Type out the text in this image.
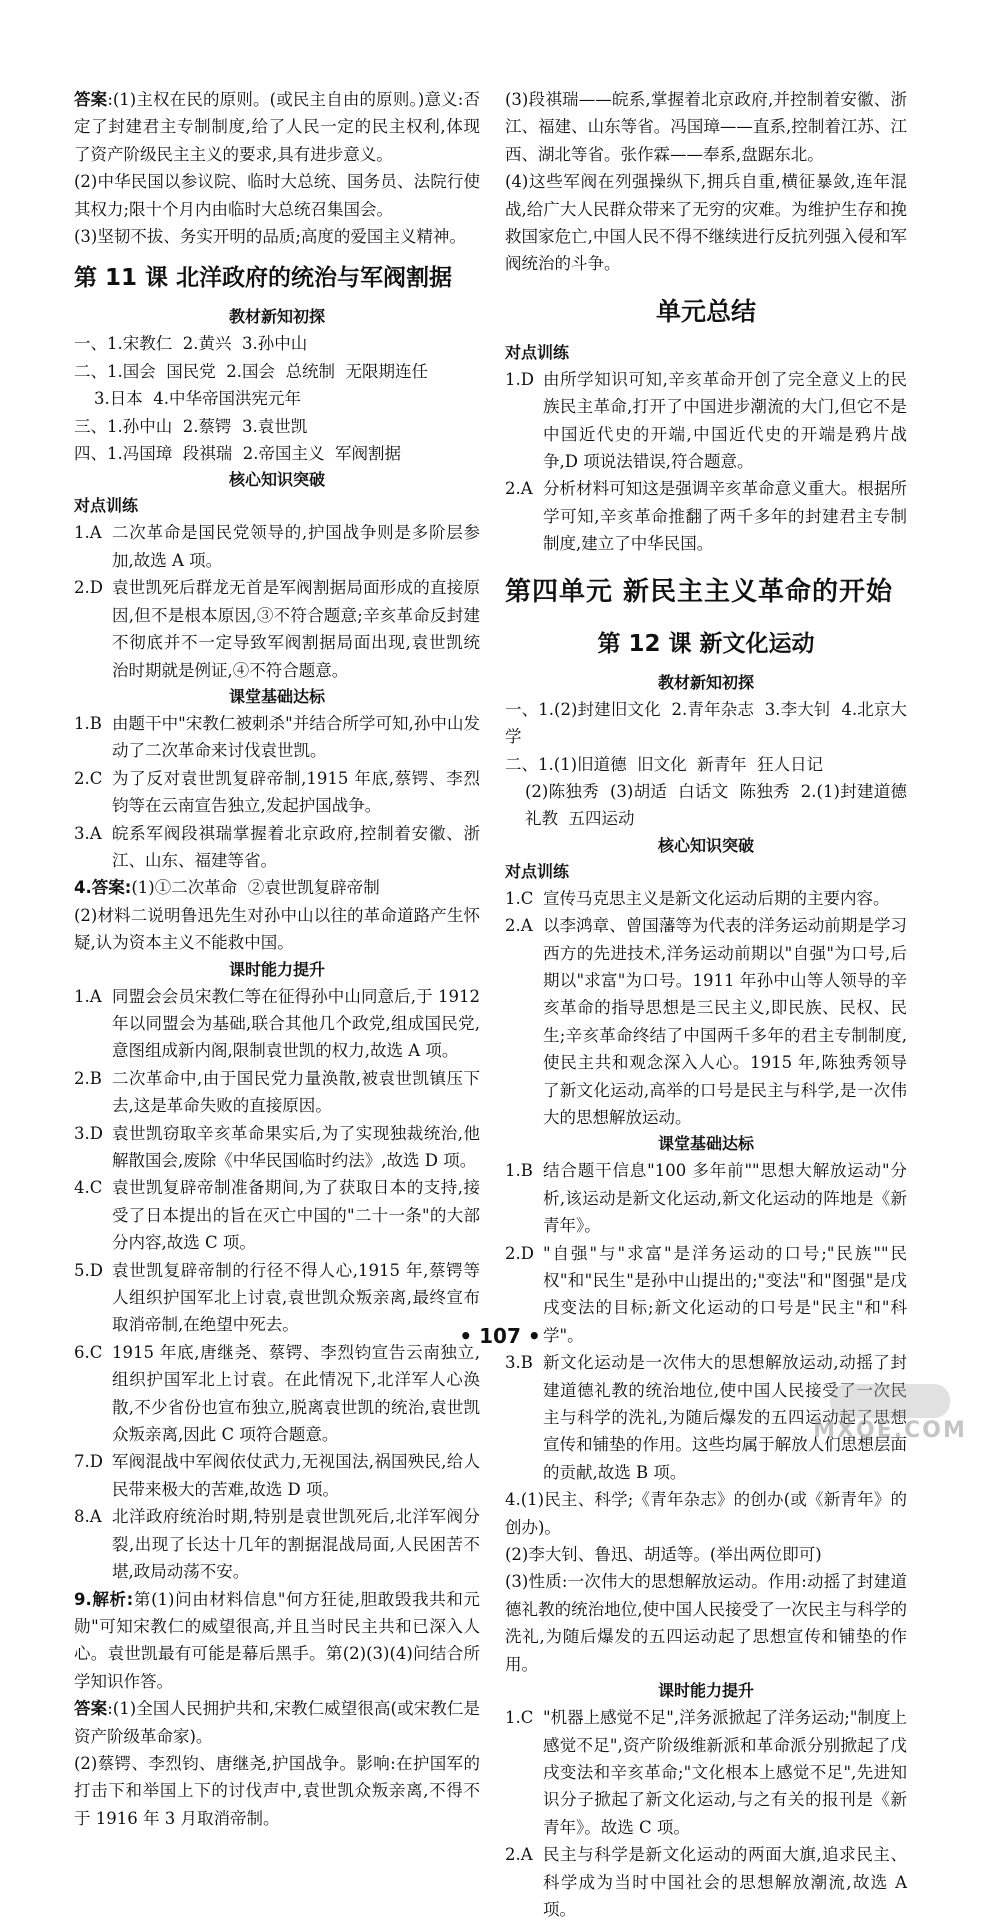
答案:(1)主权在民的原则。(或民主自由的原则。)意义:否定了封建君主专制制度,给了人民一定的民主权利,体现了资产阶级民主主义的要求,具有进步意义。

(2)中华民国以参议院、临时大总统、国务员、法院行使其权力;限十个月内由临时大总统召集国会。

(3)坚韧不拔、务实开明的品质;高度的爱国主义精神。

第 11 课 北洋政府的统治与军阀割据
教材新知初探

一、1.宋教仁  2.黄兴  3.孙中山

二、1.国会  国民党  2.国会  总统制  无限期连任

3.日本  4.中华帝国洪宪元年

三、1.孙中山  2.蔡锷  3.袁世凯

四、1.冯国璋  段祺瑞  2.帝国主义  军阀割据

核心知识突破
对点训练

1.A 二次革命是国民党领导的,护国战争则是多阶层参加,故选 A 项。

2.D 袁世凯死后群龙无首是军阀割据局面形成的直接原因,但不是根本原因,③不符合题意;辛亥革命反封建不彻底并不一定导致军阀割据局面出现,袁世凯统治时期就是例证,④不符合题意。

课堂基础达标

1.B 由题干中"宋教仁被刺杀"并结合所学可知,孙中山发动了二次革命来讨伐袁世凯。

2.C 为了反对袁世凯复辟帝制,1915 年底,蔡锷、李烈钧等在云南宣告独立,发起护国战争。

3.A 皖系军阀段祺瑞掌握着北京政府,控制着安徽、浙江、山东、福建等省。

4.答案:(1)①二次革命  ②袁世凯复辟帝制

(2)材料二说明鲁迅先生对孙中山以往的革命道路产生怀疑,认为资本主义不能救中国。

课时能力提升

1.A 同盟会会员宋教仁等在征得孙中山同意后,于 1912 年以同盟会为基础,联合其他几个政党,组成国民党,意图组成新内阁,限制袁世凯的权力,故选 A 项。

2.B 二次革命中,由于国民党力量涣散,被袁世凯镇压下去,这是革命失败的直接原因。

3.D 袁世凯窃取辛亥革命果实后,为了实现独裁统治,他解散国会,废除《中华民国临时约法》,故选 D 项。

4.C 袁世凯复辟帝制准备期间,为了获取日本的支持,接受了日本提出的旨在灭亡中国的"二十一条"的大部分内容,故选 C 项。

5.D 袁世凯复辟帝制的行径不得人心,1915 年,蔡锷等人组织护国军北上讨袁,袁世凯众叛亲离,最终宣布取消帝制,在绝望中死去。

6.C 1915 年底,唐继尧、蔡锷、李烈钧宣告云南独立,组织护国军北上讨袁。在此情况下,北洋军人心涣散,不少省份也宣布独立,脱离袁世凯的统治,袁世凯众叛亲离,因此 C 项符合题意。

7.D 军阀混战中军阀依仗武力,无视国法,祸国殃民,给人民带来极大的苦难,故选 D 项。

8.A 北洋政府统治时期,特别是袁世凯死后,北洋军阀分裂,出现了长达十几年的割据混战局面,人民困苦不堪,政局动荡不安。

9.解析:第(1)问由材料信息"何方狂徒,胆敢毁我共和元勋"可知宋教仁的威望很高,并且当时民主共和已深入人心。袁世凯最有可能是幕后黑手。第(2)(3)(4)问结合所学知识作答。

答案:(1)全国人民拥护共和,宋教仁威望很高(或宋教仁是资产阶级革命家)。

(2)蔡锷、李烈钧、唐继尧,护国战争。影响:在护国军的打击下和举国上下的讨伐声中,袁世凯众叛亲离,不得不于 1916 年 3 月取消帝制。

(3)段祺瑞——皖系,掌握着北京政府,并控制着安徽、浙江、福建、山东等省。冯国璋——直系,控制着江苏、江西、湖北等省。张作霖——奉系,盘踞东北。

(4)这些军阀在列强操纵下,拥兵自重,横征暴敛,连年混战,给广大人民群众带来了无穷的灾难。为维护生存和挽救国家危亡,中国人民不得不继续进行反抗列强入侵和军阀统治的斗争。

单元总结
对点训练

1.D 由所学知识可知,辛亥革命开创了完全意义上的民族民主革命,打开了中国进步潮流的大门,但它不是中国近代史的开端,中国近代史的开端是鸦片战争,D 项说法错误,符合题意。

2.A 分析材料可知这是强调辛亥革命意义重大。根据所学可知,辛亥革命推翻了两千多年的封建君主专制制度,建立了中华民国。

第四单元 新民主主义革命的开始
第 12 课 新文化运动
教材新知初探

一、1.(2)封建旧文化  2.青年杂志  3.李大钊  4.北京大学

二、1.(1)旧道德  旧文化  新青年  狂人日记

(2)陈独秀  (3)胡适  白话文  陈独秀  2.(1)封建道德礼教  五四运动

核心知识突破
对点训练

1.C 宣传马克思主义是新文化运动后期的主要内容。

2.A 以李鸿章、曾国藩等为代表的洋务运动前期是学习西方的先进技术,洋务运动前期以"自强"为口号,后期以"求富"为口号。1911 年孙中山等人领导的辛亥革命的指导思想是三民主义,即民族、民权、民生;辛亥革命终结了中国两千多年的君主专制制度,使民主共和观念深入人心。1915 年,陈独秀领导了新文化运动,高举的口号是民主与科学,是一次伟大的思想解放运动。

课堂基础达标

1.B 结合题干信息"100 多年前""思想大解放运动"分析,该运动是新文化运动,新文化运动的阵地是《新青年》。

2.D "自强"与"求富"是洋务运动的口号;"民族""民权"和"民生"是孙中山提出的;"变法"和"图强"是戊戌变法的目标;新文化运动的口号是"民主"和"科学"。

3.B 新文化运动是一次伟大的思想解放运动,动摇了封建道德礼教的统治地位,使中国人民接受了一次民主与科学的洗礼,为随后爆发的五四运动起了思想宣传和铺垫的作用。这些均属于解放人们思想层面的贡献,故选 B 项。

4.(1)民主、科学;《青年杂志》的创办(或《新青年》的创办)。

(2)李大钊、鲁迅、胡适等。(举出两位即可)

(3)性质:一次伟大的思想解放运动。作用:动摇了封建道德礼教的统治地位,使中国人民接受了一次民主与科学的洗礼,为随后爆发的五四运动起了思想宣传和铺垫的作用。

课时能力提升

1.C "机器上感觉不足",洋务派掀起了洋务运动;"制度上感觉不足",资产阶级维新派和革命派分别掀起了戊戌变法和辛亥革命;"文化根本上感觉不足",先进知识分子掀起了新文化运动,与之有关的报刊是《新青年》。故选 C 项。

2.A 民主与科学是新文化运动的两面大旗,追求民主、科学成为当时中国社会的思想解放潮流,故选 A 项。

• 107 •
MXQE.COM
